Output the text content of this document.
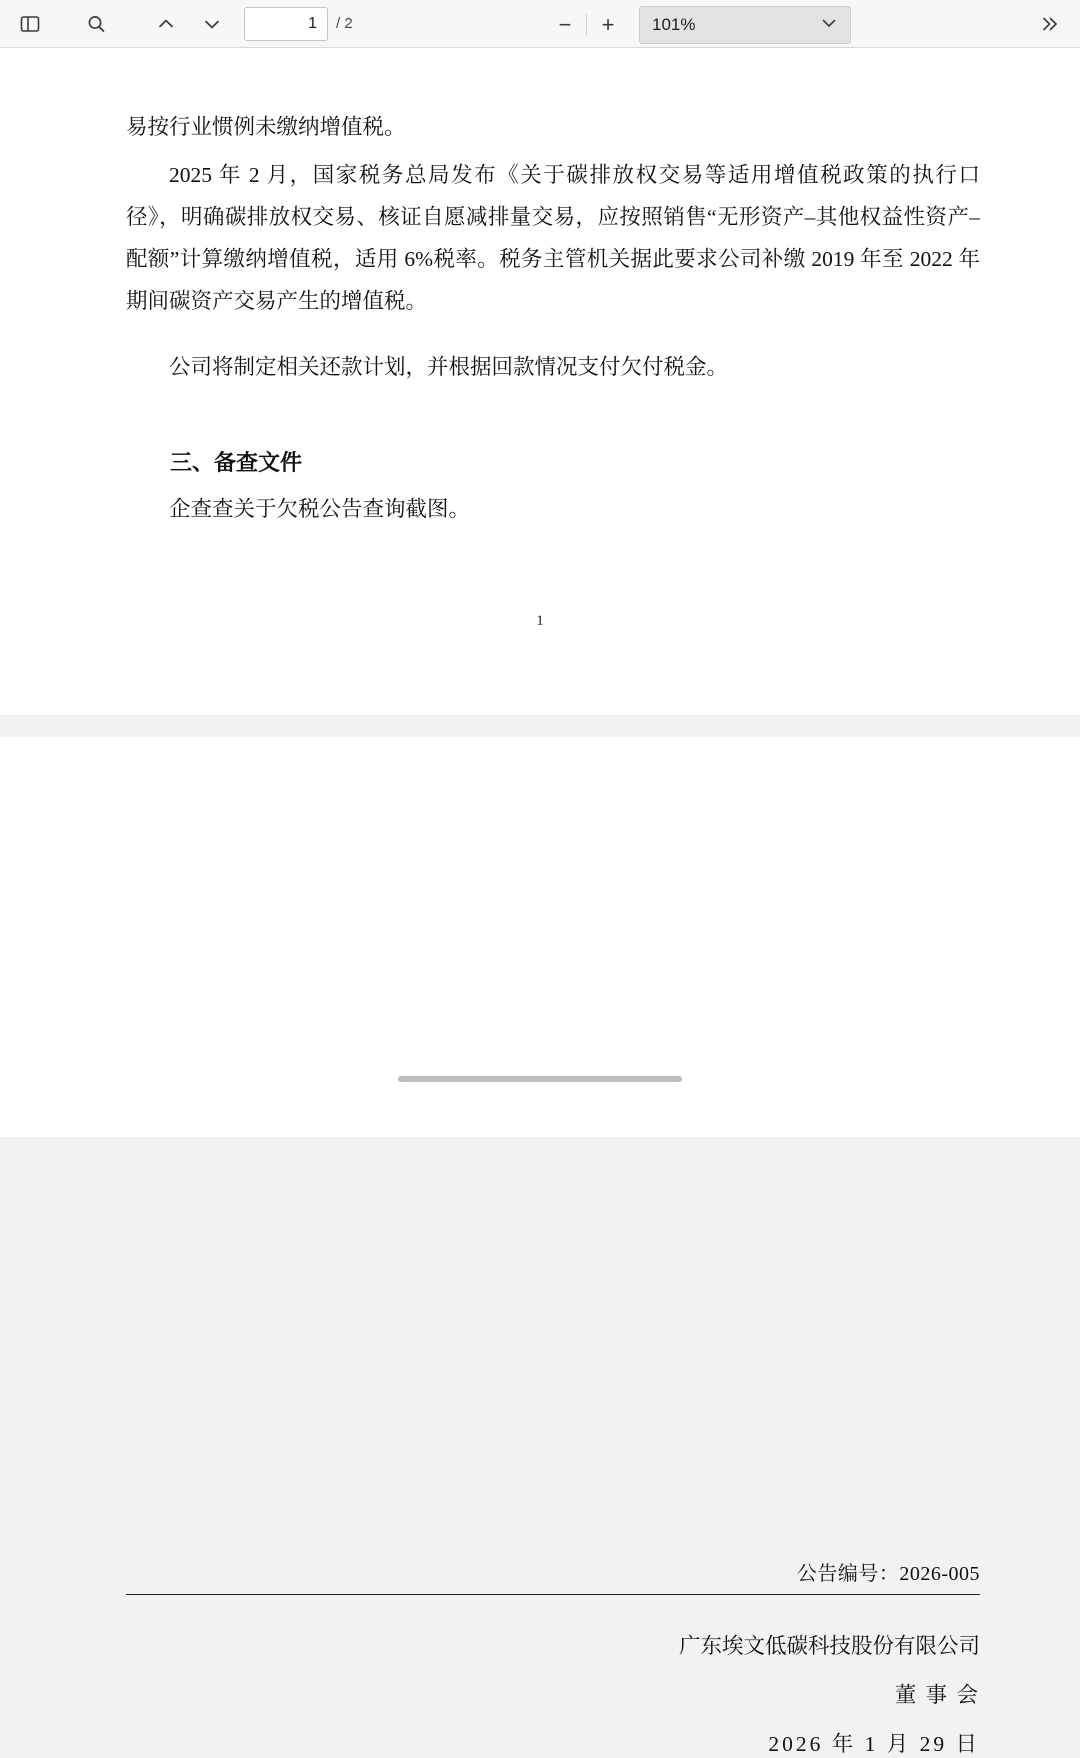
1
/ 2	−	+	101%

易按行业惯例未缴纳增值税。

2025 年 2 月，国家税务总局发布《关于碳排放权交易等适用增值税政策的执行口径》，明确碳排放权交易、核证自愿减排量交易，应按照销售“无形资产–其他权益性资产–配额”计算缴纳增值税，适用 6%税率。税务主管机关据此要求公司补缴 2019 年至 2022 年期间碳资产交易产生的增值税。

公司将制定相关还款计划，并根据回款情况支付欠付税金。

三、备查文件

企查查关于欠税公告查询截图。

1
公告编号：2026-005
广东埃文低碳科技股份有限公司
董 事 会
2026 年 1 月 29 日
